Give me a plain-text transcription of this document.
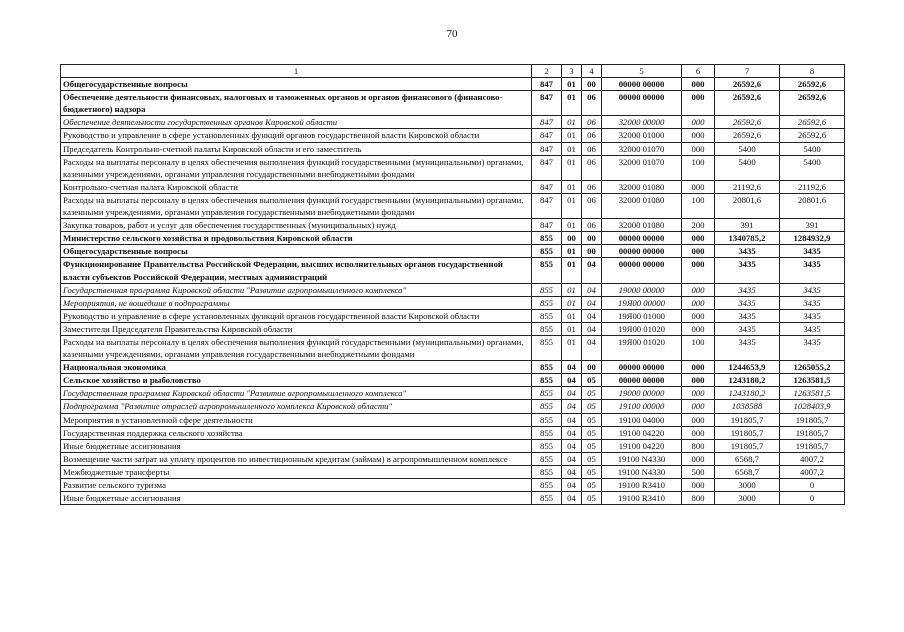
70
1	2	3	4	5	6	7	8
Общегосударственные вопросы	847	01	00	00000 00000	000	26592,6	26592,6
Обеспечение деятельности финансовых, налоговых и таможенных органов и органов финансового (финансово-бюджетного) надзора	847	01	06	00000 00000	000	26592,6	26592,6
Обеспечение деятельности государственных органов Кировской области	847	01	06	32000 00000	000	26592,6	26592,6
Руководство и управление в сфере установленных функций органов государственной власти Кировской области	847	01	06	32000 01000	000	26592,6	26592,6
Председатель Контрольно-счетной палаты Кировской области и его заместитель	847	01	06	32000 01070	000	5400	5400
Расходы на выплаты персоналу в целях обеспечения выполнения функций государственными (муниципальными) органами, казенными учреждениями, органами управления государственными внебюджетными фондами	847	01	06	32000 01070	100	5400	5400
Контрольно-счетная палата Кировской области	847	01	06	32000 01080	000	21192,6	21192,6
Расходы на выплаты персоналу в целях обеспечения выполнения функций государственными (муниципальными) органами, казенными учреждениями, органами управления государственными внебюджетными фондами	847	01	06	32000 01080	100	20801,6	20801,6
Закупка товаров, работ и услуг для обеспечения государственных (муниципальных) нужд	847	01	06	32000 01080	200	391	391
Министерство сельского хозяйства и продовольствия Кировской области	855	00	00	00000 00000	000	1340785,2	1284932,9
Общегосударственные вопросы	855	01	00	00000 00000	000	3435	3435
Функционирование Правительства Российской Федерации, высших исполнительных органов государственной власти субъектов Российской Федерации, местных администраций	855	01	04	00000 00000	000	3435	3435
Государственная программа Кировской области "Развитие агропромышленного комплекса"	855	01	04	19000 00000	000	3435	3435
Мероприятия, не вошедшие в подпрограммы	855	01	04	19Я00 00000	000	3435	3435
Руководство и управление в сфере установленных функций органов государственной власти Кировской области	855	01	04	19Я00 01000	000	3435	3435
Заместители Председателя Правительства Кировской области	855	01	04	19Я00 01020	000	3435	3435
Расходы на выплаты персоналу в целях обеспечения выполнения функций государственными (муниципальными) органами, казенными учреждениями, органами управления государственными внебюджетными фондами	855	01	04	19Я00 01020	100	3435	3435
Национальная экономика	855	04	00	00000 00000	000	1244653,9	1265055,2
Сельское хозяйство и рыболовство	855	04	05	00000 00000	000	1243180,2	1263581,5
Государственная программа Кировской области "Развитие агропромышленного комплекса"	855	04	05	19000 00000	000	1243180,2	1263581,5
Подпрограмма "Развитие отраслей агропромышленного комплекса Кировской области"	855	04	05	19100 00000	000	1038588	1028403,9
Мероприятия в установленной сфере деятельности	855	04	05	19100 04000	000	191805,7	191805,7
Государственная поддержка сельского хозяйства	855	04	05	19100 04220	000	191805,7	191805,7
Иные бюджетные ассигнования	855	04	05	19100 04220	800	191805,7	191805,7
Возмещение части затрат на уплату процентов по инвестиционным кредитам (займам) в агропромышленном комплексе	855	04	05	19100 N4330	000	6568,7	4007,2
Межбюджетные трансферты	855	04	05	19100 N4330	500	6568,7	4007,2
Развитие сельского туризма	855	04	05	19100 R3410	000	3000	0
Иные бюджетные ассигнования	855	04	05	19100 R3410	800	3000	0
